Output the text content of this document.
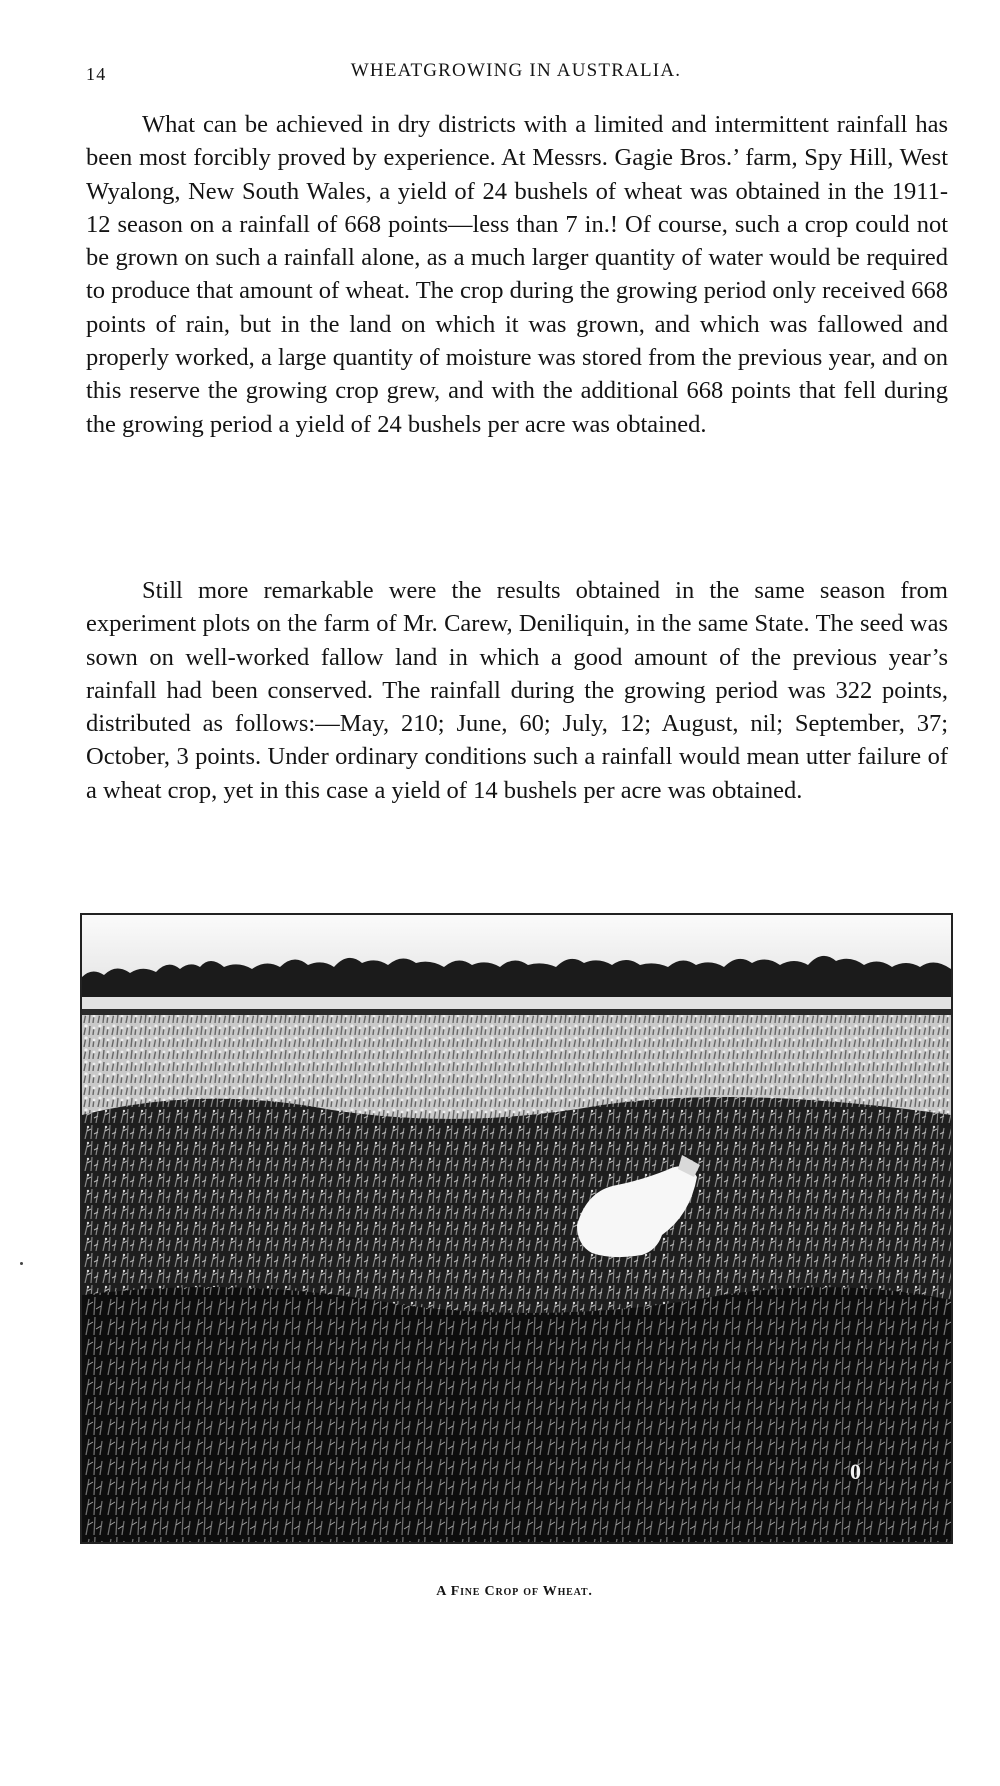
14	WHEATGROWING IN AUSTRALIA.

What can be achieved in dry districts with a limited and intermittent rainfall has been most forcibly proved by experience. At Messrs. Gagie Bros.’ farm, Spy Hill, West Wyalong, New South Wales, a yield of 24 bushels of wheat was obtained in the 1911-12 season on a rainfall of 668 points—less than 7 in.! Of course, such a crop could not be grown on such a rainfall alone, as a much larger quantity of water would be required to produce that amount of wheat. The crop during the growing period only received 668 points of rain, but in the land on which it was grown, and which was fallowed and properly worked, a large quantity of moisture was stored from the previous year, and on this reserve the growing crop grew, and with the additional 668 points that fell during the growing period a yield of 24 bushels per acre was obtained.

Still more remarkable were the results obtained in the same season from experiment plots on the farm of Mr. Carew, Deniliquin, in the same State. The seed was sown on well-worked fallow land in which a good amount of the previous year’s rainfall had been conserved. The rainfall during the growing period was 322 points, distributed as follows:—May, 210; June, 60; July, 12; August, nil; September, 37; October, 3 points. Under ordinary conditions such a rainfall would mean utter failure of a wheat crop, yet in this case a yield of 14 bushels per acre was obtained.

0
A Fine Crop of Wheat.
